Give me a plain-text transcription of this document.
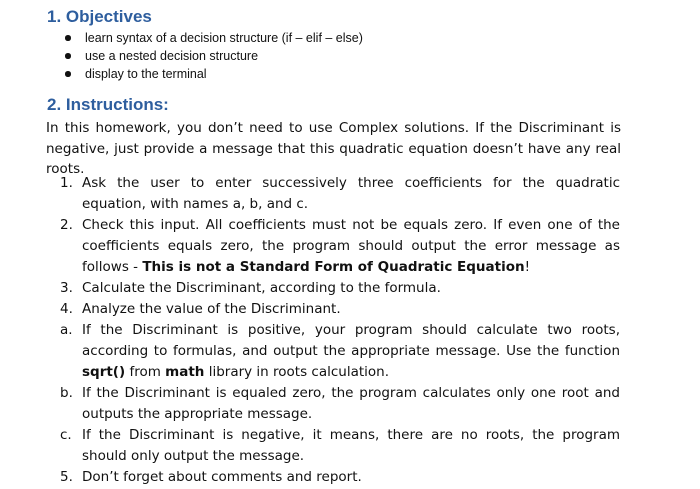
1. Objectives
learn syntax of a decision structure (if – elif – else)
use a nested decision structure
display to the terminal
2. Instructions:
In this homework, you don’t need to use Complex solutions. If the Discriminant is negative, just provide a message that this quadratic equation doesn’t have any real roots.
1. Ask the user to enter successively three coefficients for the quadratic equation, with names a, b, and c.
2. Check this input. All coefficients must not be equals zero. If even one of the coefficients equals zero, the program should output the error message as follows - This is not a Standard Form of Quadratic Equation!
3. Calculate the Discriminant, according to the formula.
4. Analyze the value of the Discriminant.
a. If the Discriminant is positive, your program should calculate two roots, according to formulas, and output the appropriate message. Use the function sqrt() from math library in roots calculation.
b. If the Discriminant is equaled zero, the program calculates only one root and outputs the appropriate message.
c. If the Discriminant is negative, it means, there are no roots, the program should only output the message.
5. Don’t forget about comments and report.
